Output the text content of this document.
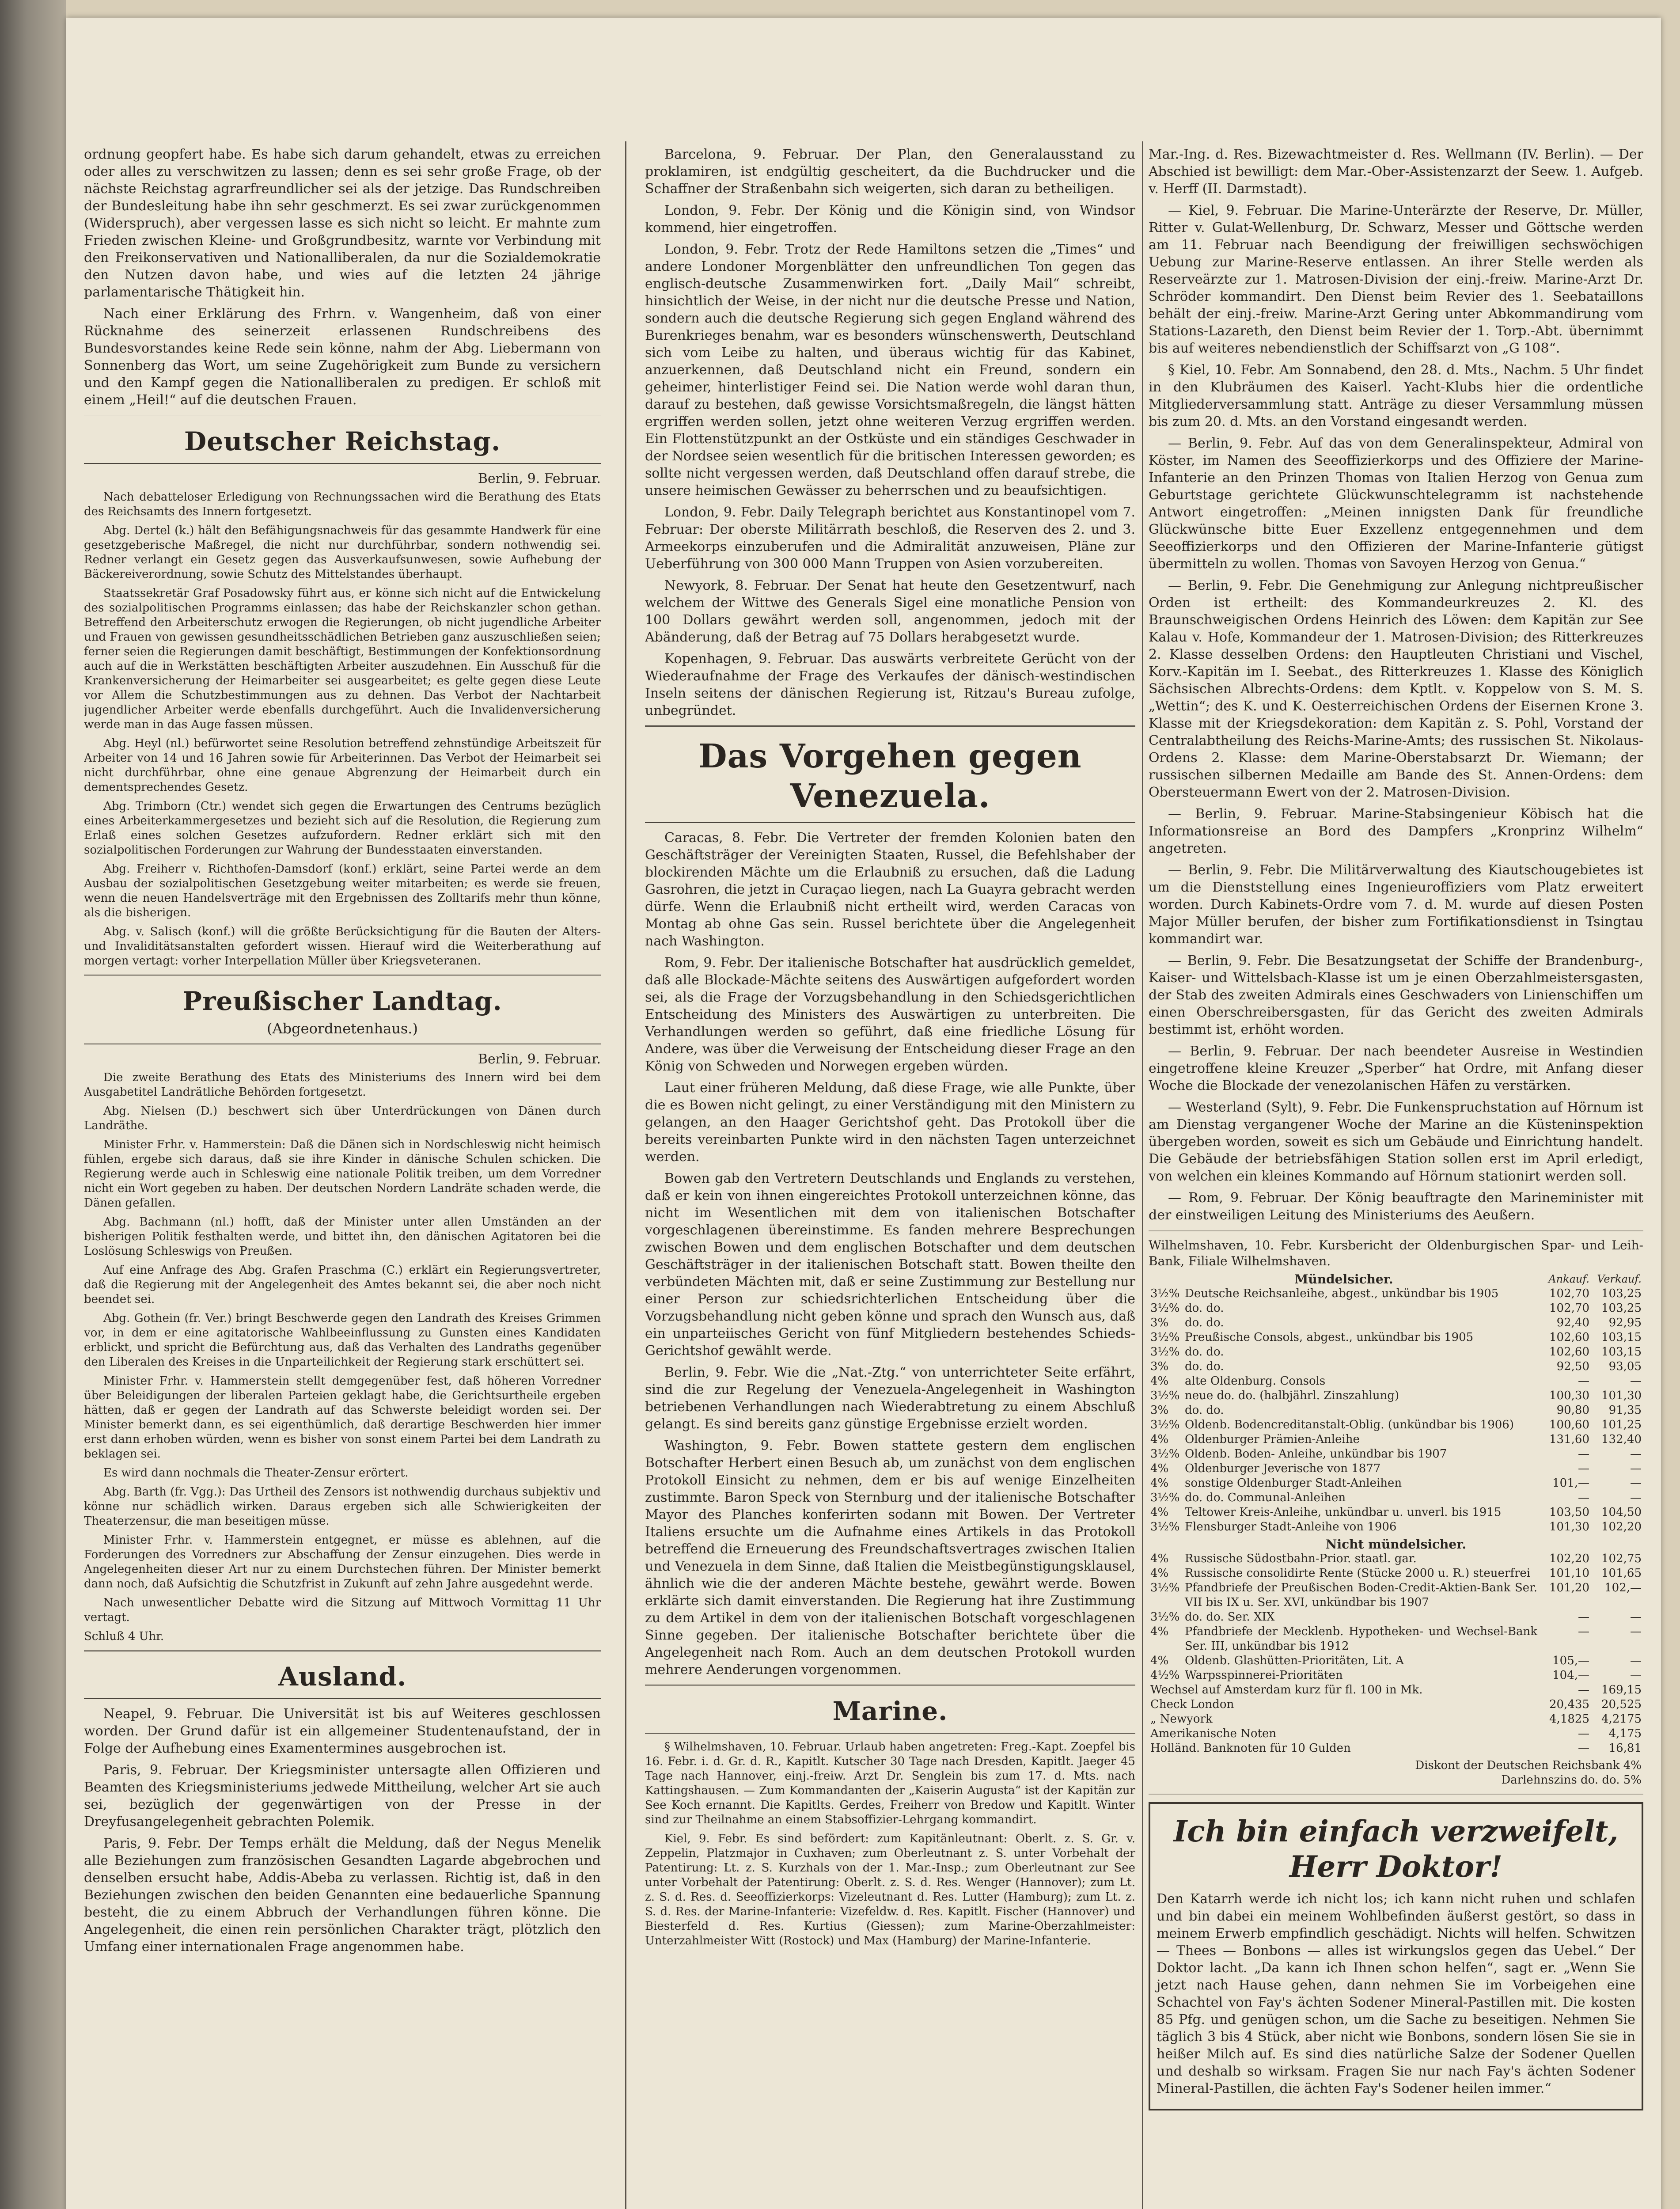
ordnung geopfert habe. Es habe sich darum gehandelt, etwas zu erreichen oder alles zu verschwitzen zu lassen; denn es sei sehr große Frage, ob der nächste Reichstag agrarfreundlicher sei als der jetzige. Das Rundschreiben der Bundesleitung habe ihn sehr geschmerzt. Es sei zwar zurückgenommen (Widerspruch), aber vergessen lasse es sich nicht so leicht. Er mahnte zum Frieden zwischen Kleine- und Großgrundbesitz, warnte vor Verbindung mit den Freikonservativen und Nationalliberalen, da nur die Sozialdemokratie den Nutzen davon habe, und wies auf die letzten 24 jährige parlamentarische Thätigkeit hin.
Nach einer Erklärung des Frhrn. v. Wangenheim, daß von einer Rücknahme des seinerzeit erlassenen Rundschreibens des Bundesvorstandes keine Rede sein könne, nahm der Abg. Liebermann von Sonnenberg das Wort, um seine Zugehörigkeit zum Bunde zu versichern und den Kampf gegen die Nationalliberalen zu predigen. Er schloß mit einem „Heil!“ auf die deutschen Frauen.
Deutscher Reichstag.
Berlin, 9. Februar.
Nach debatteloser Erledigung von Rechnungssachen wird die Berathung des Etats des Reichsamts des Innern fortgesetzt.
Abg. Dertel (k.) hält den Befähigungsnachweis für das gesammte Handwerk für eine gesetzgeberische Maßregel, die nicht nur durchführbar, sondern nothwendig sei. Redner verlangt ein Gesetz gegen das Ausverkaufsunwesen, sowie Aufhebung der Bäckereiverordnung, sowie Schutz des Mittelstandes überhaupt.
Staatssekretär Graf Posadowsky führt aus, er könne sich nicht auf die Entwickelung des sozialpolitischen Programms einlassen; das habe der Reichskanzler schon gethan. Betreffend den Arbeiterschutz erwogen die Regierungen, ob nicht jugendliche Arbeiter und Frauen von gewissen gesundheitsschädlichen Betrieben ganz auszuschließen seien; ferner seien die Regierungen damit beschäftigt, Bestimmungen der Konfektionsordnung auch auf die in Werkstätten beschäftigten Arbeiter auszudehnen. Ein Ausschuß für die Krankenversicherung der Heimarbeiter sei ausgearbeitet; es gelte gegen diese Leute vor Allem die Schutzbestimmungen aus zu dehnen. Das Verbot der Nachtarbeit jugendlicher Arbeiter werde ebenfalls durchgeführt. Auch die Invalidenversicherung werde man in das Auge fassen müssen.
Abg. Heyl (nl.) befürwortet seine Resolution betreffend zehnstündige Arbeitszeit für Arbeiter von 14 und 16 Jahren sowie für Arbeiterinnen. Das Verbot der Heimarbeit sei nicht durchführbar, ohne eine genaue Abgrenzung der Heimarbeit durch ein dementsprechendes Gesetz.
Abg. Trimborn (Ctr.) wendet sich gegen die Erwartungen des Centrums bezüglich eines Arbeiterkammergesetzes und bezieht sich auf die Resolution, die Regierung zum Erlaß eines solchen Gesetzes aufzufordern. Redner erklärt sich mit den sozialpolitischen Forderungen zur Wahrung der Bundesstaaten einverstanden.
Abg. Freiherr v. Richthofen-Damsdorf (konf.) erklärt, seine Partei werde an dem Ausbau der sozialpolitischen Gesetzgebung weiter mitarbeiten; es werde sie freuen, wenn die neuen Handelsverträge mit den Ergebnissen des Zolltarifs mehr thun könne, als die bisherigen.
Abg. v. Salisch (konf.) will die größte Berücksichtigung für die Bauten der Alters- und Invaliditätsanstalten gefordert wissen. Hierauf wird die Weiterberathung auf morgen vertagt: vorher Interpellation Müller über Kriegsveteranen.
Preußischer Landtag.
(Abgeordnetenhaus.)
Berlin, 9. Februar.
Die zweite Berathung des Etats des Ministeriums des Innern wird bei dem Ausgabetitel Landrätliche Behörden fortgesetzt.
Abg. Nielsen (D.) beschwert sich über Unterdrückungen von Dänen durch Landräthe.
Minister Frhr. v. Hammerstein: Daß die Dänen sich in Nordschleswig nicht heimisch fühlen, ergebe sich daraus, daß sie ihre Kinder in dänische Schulen schicken. Die Regierung werde auch in Schleswig eine nationale Politik treiben, um dem Vorredner nicht ein Wort gegeben zu haben. Der deutschen Nordern Landräte schaden werde, die Dänen gefallen.
Abg. Bachmann (nl.) hofft, daß der Minister unter allen Umständen an der bisherigen Politik festhalten werde, und bittet ihn, den dänischen Agitatoren bei die Loslösung Schleswigs von Preußen.
Auf eine Anfrage des Abg. Grafen Praschma (C.) erklärt ein Regierungsvertreter, daß die Regierung mit der Angelegenheit des Amtes bekannt sei, die aber noch nicht beendet sei.
Abg. Gothein (fr. Ver.) bringt Beschwerde gegen den Landrath des Kreises Grimmen vor, in dem er eine agitatorische Wahlbeeinflussung zu Gunsten eines Kandidaten erblickt, und spricht die Befürchtung aus, daß das Verhalten des Landraths gegenüber den Liberalen des Kreises in die Unparteilichkeit der Regierung stark erschüttert sei.
Minister Frhr. v. Hammerstein stellt demgegenüber fest, daß höheren Vorredner über Beleidigungen der liberalen Parteien geklagt habe, die Gerichtsurtheile ergeben hätten, daß er gegen der Landrath auf das Schwerste beleidigt worden sei. Der Minister bemerkt dann, es sei eigenthümlich, daß derartige Beschwerden hier immer erst dann erhoben würden, wenn es bisher von sonst einem Partei bei dem Landrath zu beklagen sei.
Es wird dann nochmals die Theater-Zensur erörtert.
Abg. Barth (fr. Vgg.): Das Urtheil des Zensors ist nothwendig durchaus subjektiv und könne nur schädlich wirken. Daraus ergeben sich alle Schwierigkeiten der Theaterzensur, die man beseitigen müsse.
Minister Frhr. v. Hammerstein entgegnet, er müsse es ablehnen, auf die Forderungen des Vorredners zur Abschaffung der Zensur einzugehen. Dies werde in Angelegenheiten dieser Art nur zu einem Durchstechen führen. Der Minister bemerkt dann noch, daß Aufsichtig die Schutzfrist in Zukunft auf zehn Jahre ausgedehnt werde.
Nach unwesentlicher Debatte wird die Sitzung auf Mittwoch Vormittag 11 Uhr vertagt.
Schluß 4 Uhr.
Ausland.
Neapel, 9. Februar. Die Universität ist bis auf Weiteres geschlossen worden. Der Grund dafür ist ein allgemeiner Studentenaufstand, der in Folge der Aufhebung eines Examentermines ausgebrochen ist.
Paris, 9. Februar. Der Kriegsminister untersagte allen Offizieren und Beamten des Kriegsministeriums jedwede Mittheilung, welcher Art sie auch sei, bezüglich der gegenwärtigen von der Presse in der Dreyfusangelegenheit gebrachten Polemik.
Paris, 9. Febr. Der Temps erhält die Meldung, daß der Negus Menelik alle Beziehungen zum französischen Gesandten Lagarde abgebrochen und denselben ersucht habe, Addis-Abeba zu verlassen. Richtig ist, daß in den Beziehungen zwischen den beiden Genannten eine bedauerliche Spannung besteht, die zu einem Abbruch der Verhandlungen führen könne. Die Angelegenheit, die einen rein persönlichen Charakter trägt, plötzlich den Umfang einer internationalen Frage angenommen habe.
Barcelona, 9. Februar. Der Plan, den Generalausstand zu proklamiren, ist endgültig gescheitert, da die Buchdrucker und die Schaffner der Straßenbahn sich weigerten, sich daran zu betheiligen.
London, 9. Febr. Der König und die Königin sind, von Windsor kommend, hier eingetroffen.
London, 9. Febr. Trotz der Rede Hamiltons setzen die „Times“ und andere Londoner Morgenblätter den unfreundlichen Ton gegen das englisch-deutsche Zusammenwirken fort. „Daily Mail“ schreibt, hinsichtlich der Weise, in der nicht nur die deutsche Presse und Nation, sondern auch die deutsche Regierung sich gegen England während des Burenkrieges benahm, war es besonders wünschenswerth, Deutschland sich vom Leibe zu halten, und überaus wichtig für das Kabinet, anzuerkennen, daß Deutschland nicht ein Freund, sondern ein geheimer, hinterlistiger Feind sei. Die Nation werde wohl daran thun, darauf zu bestehen, daß gewisse Vorsichtsmaßregeln, die längst hätten ergriffen werden sollen, jetzt ohne weiteren Verzug ergriffen werden. Ein Flottenstützpunkt an der Ostküste und ein ständiges Geschwader in der Nordsee seien wesentlich für die britischen Interessen geworden; es sollte nicht vergessen werden, daß Deutschland offen darauf strebe, die unsere heimischen Gewässer zu beherrschen und zu beaufsichtigen.
London, 9. Febr. Daily Telegraph berichtet aus Konstantinopel vom 7. Februar: Der oberste Militärrath beschloß, die Reserven des 2. und 3. Armeekorps einzuberufen und die Admiralität anzuweisen, Pläne zur Ueberführung von 300 000 Mann Truppen von Asien vorzubereiten.
Newyork, 8. Februar. Der Senat hat heute den Gesetzentwurf, nach welchem der Wittwe des Generals Sigel eine monatliche Pension von 100 Dollars gewährt werden soll, angenommen, jedoch mit der Abänderung, daß der Betrag auf 75 Dollars herabgesetzt wurde.
Kopenhagen, 9. Februar. Das auswärts verbreitete Gerücht von der Wiederaufnahme der Frage des Verkaufes der dänisch-westindischen Inseln seitens der dänischen Regierung ist, Ritzau's Bureau zufolge, unbegründet.
Das Vorgehen gegen Venezuela.
Caracas, 8. Febr. Die Vertreter der fremden Kolonien baten den Geschäftsträger der Vereinigten Staaten, Russel, die Befehlshaber der blockirenden Mächte um die Erlaubniß zu ersuchen, daß die Ladung Gasrohren, die jetzt in Curaçao liegen, nach La Guayra gebracht werden dürfe. Wenn die Erlaubniß nicht ertheilt wird, werden Caracas von Montag ab ohne Gas sein. Russel berichtete über die Angelegenheit nach Washington.
Rom, 9. Febr. Der italienische Botschafter hat ausdrücklich gemeldet, daß alle Blockade-Mächte seitens des Auswärtigen aufgefordert worden sei, als die Frage der Vorzugsbehandlung in den Schiedsgerichtlichen Entscheidung des Ministers des Auswärtigen zu unterbreiten. Die Verhandlungen werden so geführt, daß eine friedliche Lösung für Andere, was über die Verweisung der Entscheidung dieser Frage an den König von Schweden und Norwegen ergeben würden.
Laut einer früheren Meldung, daß diese Frage, wie alle Punkte, über die es Bowen nicht gelingt, zu einer Verständigung mit den Ministern zu gelangen, an den Haager Gerichtshof geht. Das Protokoll über die bereits vereinbarten Punkte wird in den nächsten Tagen unterzeichnet werden.
Bowen gab den Vertretern Deutschlands und Englands zu verstehen, daß er kein von ihnen eingereichtes Protokoll unterzeichnen könne, das nicht im Wesentlichen mit dem von italienischen Botschafter vorgeschlagenen übereinstimme. Es fanden mehrere Besprechungen zwischen Bowen und dem englischen Botschafter und dem deutschen Geschäftsträger in der italienischen Botschaft statt. Bowen theilte den verbündeten Mächten mit, daß er seine Zustimmung zur Bestellung nur einer Person zur schiedsrichterlichen Entscheidung über die Vorzugsbehandlung nicht geben könne und sprach den Wunsch aus, daß ein unparteiisches Gericht von fünf Mitgliedern bestehendes Schieds-Gerichtshof gewählt werde.
Berlin, 9. Febr. Wie die „Nat.-Ztg.“ von unterrichteter Seite erfährt, sind die zur Regelung der Venezuela-Angelegenheit in Washington betriebenen Verhandlungen nach Wiederabtretung zu einem Abschluß gelangt. Es sind bereits ganz günstige Ergebnisse erzielt worden.
Washington, 9. Febr. Bowen stattete gestern dem englischen Botschafter Herbert einen Besuch ab, um zunächst von dem englischen Protokoll Einsicht zu nehmen, dem er bis auf wenige Einzelheiten zustimmte. Baron Speck von Sternburg und der italienische Botschafter Mayor des Planches konferirten sodann mit Bowen. Der Vertreter Italiens ersuchte um die Aufnahme eines Artikels in das Protokoll betreffend die Erneuerung des Freundschaftsvertrages zwischen Italien und Venezuela in dem Sinne, daß Italien die Meistbegünstigungsklausel, ähnlich wie die der anderen Mächte bestehe, gewährt werde. Bowen erklärte sich damit einverstanden. Die Regierung hat ihre Zustimmung zu dem Artikel in dem von der italienischen Botschaft vorgeschlagenen Sinne gegeben. Der italienische Botschafter berichtete über die Angelegenheit nach Rom. Auch an dem deutschen Protokoll wurden mehrere Aenderungen vorgenommen.
Marine.
§ Wilhelmshaven, 10. Februar. Urlaub haben angetreten: Freg.-Kapt. Zoepfel bis 16. Febr. i. d. Gr. d. R., Kapitlt. Kutscher 30 Tage nach Dresden, Kapitlt. Jaeger 45 Tage nach Hannover, einj.-freiw. Arzt Dr. Senglein bis zum 17. d. Mts. nach Kattingshausen. — Zum Kommandanten der „Kaiserin Augusta“ ist der Kapitän zur See Koch ernannt. Die Kapitlts. Gerdes, Freiherr von Bredow und Kapitlt. Winter sind zur Theilnahme an einem Stabsoffizier-Lehrgang kommandirt.
Kiel, 9. Febr. Es sind befördert: zum Kapitänleutnant: Oberlt. z. S. Gr. v. Zeppelin, Platzmajor in Cuxhaven; zum Oberleutnant z. S. unter Vorbehalt der Patentirung: Lt. z. S. Kurzhals von der 1. Mar.-Insp.; zum Oberleutnant zur See unter Vorbehalt der Patentirung: Oberlt. z. S. d. Res. Wenger (Hannover); zum Lt. z. S. d. Res. d. Seeoffizierkorps: Vizeleutnant d. Res. Lutter (Hamburg); zum Lt. z. S. d. Res. der Marine-Infanterie: Vizefeldw. d. Res. Kapitlt. Fischer (Hannover) und Biesterfeld d. Res. Kurtius (Giessen); zum Marine-Oberzahlmeister: Unterzahlmeister Witt (Rostock) und Max (Hamburg) der Marine-Infanterie.
Mar.-Ing. d. Res. Bizewachtmeister d. Res. Wellmann (IV. Berlin). — Der Abschied ist bewilligt: dem Mar.-Ober-Assistenzarzt der Seew. 1. Aufgeb. v. Herff (II. Darmstadt).
— Kiel, 9. Februar. Die Marine-Unterärzte der Reserve, Dr. Müller, Ritter v. Gulat-Wellenburg, Dr. Schwarz, Messer und Göttsche werden am 11. Februar nach Beendigung der freiwilligen sechswöchigen Uebung zur Marine-Reserve entlassen. An ihrer Stelle werden als Reserveärzte zur 1. Matrosen-Division der einj.-freiw. Marine-Arzt Dr. Schröder kommandirt. Den Dienst beim Revier des 1. Seebataillons behält der einj.-freiw. Marine-Arzt Gering unter Abkommandirung vom Stations-Lazareth, den Dienst beim Revier der 1. Torp.-Abt. übernimmt bis auf weiteres nebendienstlich der Schiffsarzt von „G 108“.
§ Kiel, 10. Febr. Am Sonnabend, den 28. d. Mts., Nachm. 5 Uhr findet in den Klubräumen des Kaiserl. Yacht-Klubs hier die ordentliche Mitgliederversammlung statt. Anträge zu dieser Versammlung müssen bis zum 20. d. Mts. an den Vorstand eingesandt werden.
— Berlin, 9. Febr. Auf das von dem Generalinspekteur, Admiral von Köster, im Namen des Seeoffizierkorps und des Offiziere der Marine-Infanterie an den Prinzen Thomas von Italien Herzog von Genua zum Geburtstage gerichtete Glückwunschtelegramm ist nachstehende Antwort eingetroffen: „Meinen innigsten Dank für freundliche Glückwünsche bitte Euer Exzellenz entgegennehmen und dem Seeoffizierkorps und den Offizieren der Marine-Infanterie gütigst übermitteln zu wollen. Thomas von Savoyen Herzog von Genua.“
— Berlin, 9. Febr. Die Genehmigung zur Anlegung nichtpreußischer Orden ist ertheilt: des Kommandeurkreuzes 2. Kl. des Braunschweigischen Ordens Heinrich des Löwen: dem Kapitän zur See Kalau v. Hofe, Kommandeur der 1. Matrosen-Division; des Ritterkreuzes 2. Klasse desselben Ordens: den Hauptleuten Christiani und Vischel, Korv.-Kapitän im I. Seebat., des Ritterkreuzes 1. Klasse des Königlich Sächsischen Albrechts-Ordens: dem Kptlt. v. Koppelow von S. M. S. „Wettin“; des K. und K. Oesterreichischen Ordens der Eisernen Krone 3. Klasse mit der Kriegsdekoration: dem Kapitän z. S. Pohl, Vorstand der Centralabtheilung des Reichs-Marine-Amts; des russischen St. Nikolaus-Ordens 2. Klasse: dem Marine-Oberstabsarzt Dr. Wiemann; der russischen silbernen Medaille am Bande des St. Annen-Ordens: dem Obersteuermann Ewert von der 2. Matrosen-Division.
— Berlin, 9. Februar. Marine-Stabsingenieur Köbisch hat die Informationsreise an Bord des Dampfers „Kronprinz Wilhelm“ angetreten.
— Berlin, 9. Febr. Die Militärverwaltung des Kiautschougebietes ist um die Dienststellung eines Ingenieuroffiziers vom Platz erweitert worden. Durch Kabinets-Ordre vom 7. d. M. wurde auf diesen Posten Major Müller berufen, der bisher zum Fortifikationsdienst in Tsingtau kommandirt war.
— Berlin, 9. Febr. Die Besatzungsetat der Schiffe der Brandenburg-, Kaiser- und Wittelsbach-Klasse ist um je einen Oberzahlmeistersgasten, der Stab des zweiten Admirals eines Geschwaders von Linienschiffen um einen Oberschreibersgasten, für das Gericht des zweiten Admirals bestimmt ist, erhöht worden.
— Berlin, 9. Februar. Der nach beendeter Ausreise in Westindien eingetroffene kleine Kreuzer „Sperber“ hat Ordre, mit Anfang dieser Woche die Blockade der venezolanischen Häfen zu verstärken.
— Westerland (Sylt), 9. Febr. Die Funkenspruchstation auf Hörnum ist am Dienstag vergangener Woche der Marine an die Küsteninspektion übergeben worden, soweit es sich um Gebäude und Einrichtung handelt. Die Gebäude der betriebsfähigen Station sollen erst im April erledigt, von welchen ein kleines Kommando auf Hörnum stationirt werden soll.
— Rom, 9. Februar. Der König beauftragte den Marineminister mit der einstweiligen Leitung des Ministeriums des Aeußern.
Wilhelmshaven, 10. Febr. Kursbericht der Oldenburgischen Spar- und Leih-Bank, Filiale Wilhelmshaven.
Mündelsicher.		Ankauf.	Verkauf.
3½%	Deutsche Reichsanleihe, abgest., unkündbar bis 1905	102,70	103,25
3½%	do. do.	102,70	103,25
3%	do. do.	92,40	92,95
3½%	Preußische Consols, abgest., unkündbar bis 1905	102,60	103,15
3½%	do. do.	102,60	103,15
3%	do. do.	92,50	93,05
4%	alte Oldenburg. Consols	—	—
3½%	neue do. do. (halbjährl. Zinszahlung)	100,30	101,30
3%	do. do.	90,80	91,35
3½%	Oldenb. Bodencreditanstalt-Oblig. (unkündbar bis 1906)	100,60	101,25
4%	Oldenburger Prämien-Anleihe	131,60	132,40
3½%	Oldenb. Boden- Anleihe, unkündbar bis 1907	—	—
4%	Oldenburger Jeverische von 1877	—	—
4%	sonstige Oldenburger Stadt-Anleihen	101,—	—
3½%	do. do. Communal-Anleihen	—	—
4%	Teltower Kreis-Anleihe, unkündbar u. unverl. bis 1915	103,50	104,50
3½%	Flensburger Stadt-Anleihe von 1906	101,30	102,20
Nicht mündelsicher.			
4%	Russische Südostbahn-Prior. staatl. gar.	102,20	102,75
4%	Russische consolidirte Rente (Stücke 2000 u. R.) steuerfrei	101,10	101,65
3½%	Pfandbriefe der Preußischen Boden-Credit-Aktien-Bank Ser. VII bis IX u. Ser. XVI, unkündbar bis 1907	101,20	102,—
3½%	do. do. Ser. XIX	—	—
4%	Pfandbriefe der Mecklenb. Hypotheken- und Wechsel-Bank Ser. III, unkündbar bis 1912	—	—
4%	Oldenb. Glashütten-Prioritäten, Lit. A	105,—	—
4½%	Warpsspinnerei-Prioritäten	104,—	—
Wechsel auf Amsterdam kurz für fl. 100 in Mk.		—	169,15
Check London		20,435	20,525
„ Newyork		4,1825	4,2175
Amerikanische Noten		—	4,175
Holländ. Banknoten für 10 Gulden		—	16,81
Diskont der Deutschen Reichsbank 4%			
Darlehnszins do. do. 5%			
Ich bin einfach verzweifelt, Herr Doktor!
Den Katarrh werde ich nicht los; ich kann nicht ruhen und schlafen und bin dabei ein meinem Wohlbefinden äußerst gestört, so dass in meinem Erwerb empfindlich geschädigt. Nichts will helfen. Schwitzen — Thees — Bonbons — alles ist wirkungslos gegen das Uebel.“ Der Doktor lacht. „Da kann ich Ihnen schon helfen“, sagt er. „Wenn Sie jetzt nach Hause gehen, dann nehmen Sie im Vorbeigehen eine Schachtel von Fay's ächten Sodener Mineral-Pastillen mit. Die kosten 85 Pfg. und genügen schon, um die Sache zu beseitigen. Nehmen Sie täglich 3 bis 4 Stück, aber nicht wie Bonbons, sondern lösen Sie sie in heißer Milch auf. Es sind dies natürliche Salze der Sodener Quellen und deshalb so wirksam. Fragen Sie nur nach Fay's ächten Sodener Mineral-Pastillen, die ächten Fay's Sodener heilen immer.“
